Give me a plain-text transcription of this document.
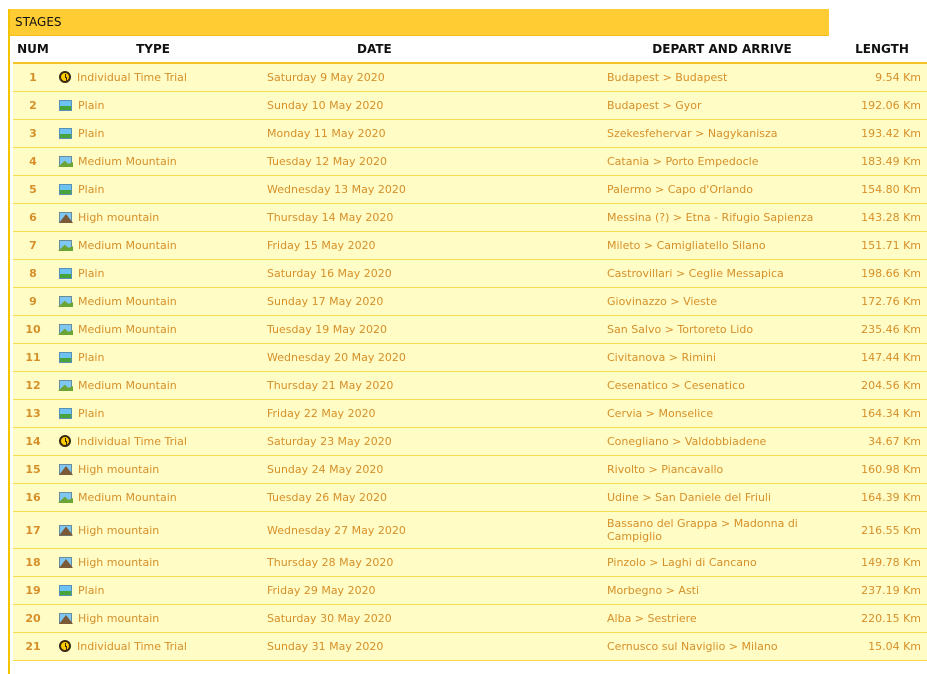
STAGES
NUM	TYPE	DATE	DEPART AND ARRIVE	LENGTH
1	Individual Time Trial	Saturday 9 May 2020	Budapest > Budapest	9.54 Km
2	Plain	Sunday 10 May 2020	Budapest > Gyor	192.06 Km
3	Plain	Monday 11 May 2020	Szekesfehervar > Nagykanisza	193.42 Km
4	Medium Mountain	Tuesday 12 May 2020	Catania > Porto Empedocle	183.49 Km
5	Plain	Wednesday 13 May 2020	Palermo > Capo d'Orlando	154.80 Km
6	High mountain	Thursday 14 May 2020	Messina (?) > Etna - Rifugio Sapienza	143.28 Km
7	Medium Mountain	Friday 15 May 2020	Mileto > Camigliatello Silano	151.71 Km
8	Plain	Saturday 16 May 2020	Castrovillari > Ceglie Messapica	198.66 Km
9	Medium Mountain	Sunday 17 May 2020	Giovinazzo > Vieste	172.76 Km
10	Medium Mountain	Tuesday 19 May 2020	San Salvo > Tortoreto Lido	235.46 Km
11	Plain	Wednesday 20 May 2020	Civitanova > Rimini	147.44 Km
12	Medium Mountain	Thursday 21 May 2020	Cesenatico > Cesenatico	204.56 Km
13	Plain	Friday 22 May 2020	Cervia > Monselice	164.34 Km
14	Individual Time Trial	Saturday 23 May 2020	Conegliano > Valdobbiadene	34.67 Km
15	High mountain	Sunday 24 May 2020	Rivolto > Piancavallo	160.98 Km
16	Medium Mountain	Tuesday 26 May 2020	Udine > San Daniele del Friuli	164.39 Km
17	High mountain	Wednesday 27 May 2020	Bassano del Grappa > Madonna di Campiglio	216.55 Km
18	High mountain	Thursday 28 May 2020	Pinzolo > Laghi di Cancano	149.78 Km
19	Plain	Friday 29 May 2020	Morbegno > Asti	237.19 Km
20	High mountain	Saturday 30 May 2020	Alba > Sestriere	220.15 Km
21	Individual Time Trial	Sunday 31 May 2020	Cernusco sul Naviglio > Milano	15.04 Km
